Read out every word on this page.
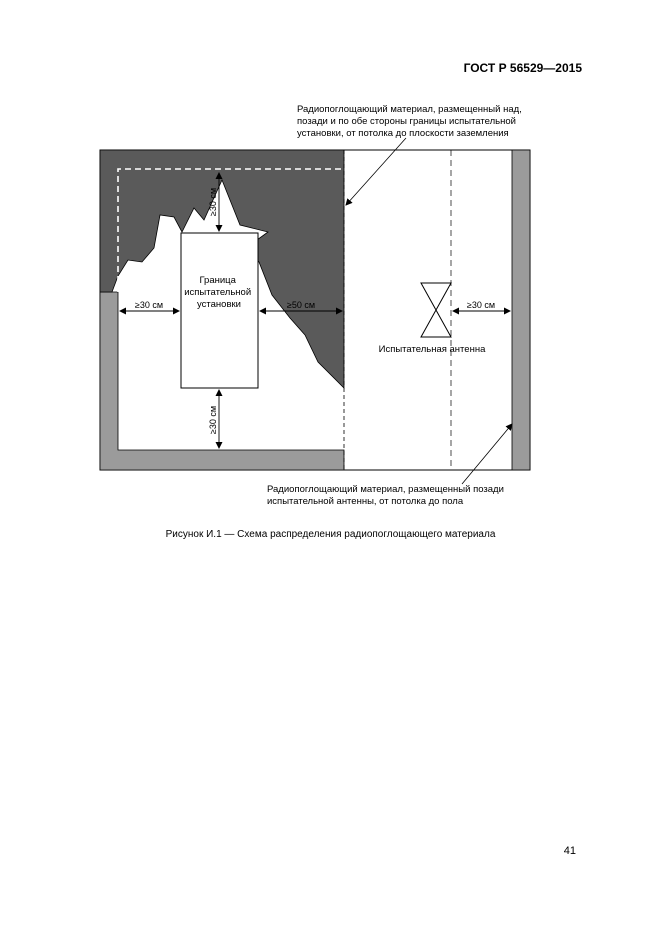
ГОСТ Р 56529—2015

Радиопоглощающий материал, размещенный над,
позади и по обе стороны границы испытательной
установки, от потолка до плоскости заземления

≥30 см
≥30 см	≥50 см
≥30 см
≥30 см
Граница испытательной установки
Испытательная антенна

Радиопоглощающий материал, размещенный позади
испытательной антенны, от потолка до пола

Рисунок И.1 — Схема распределения радиопоглощающего материала

41
